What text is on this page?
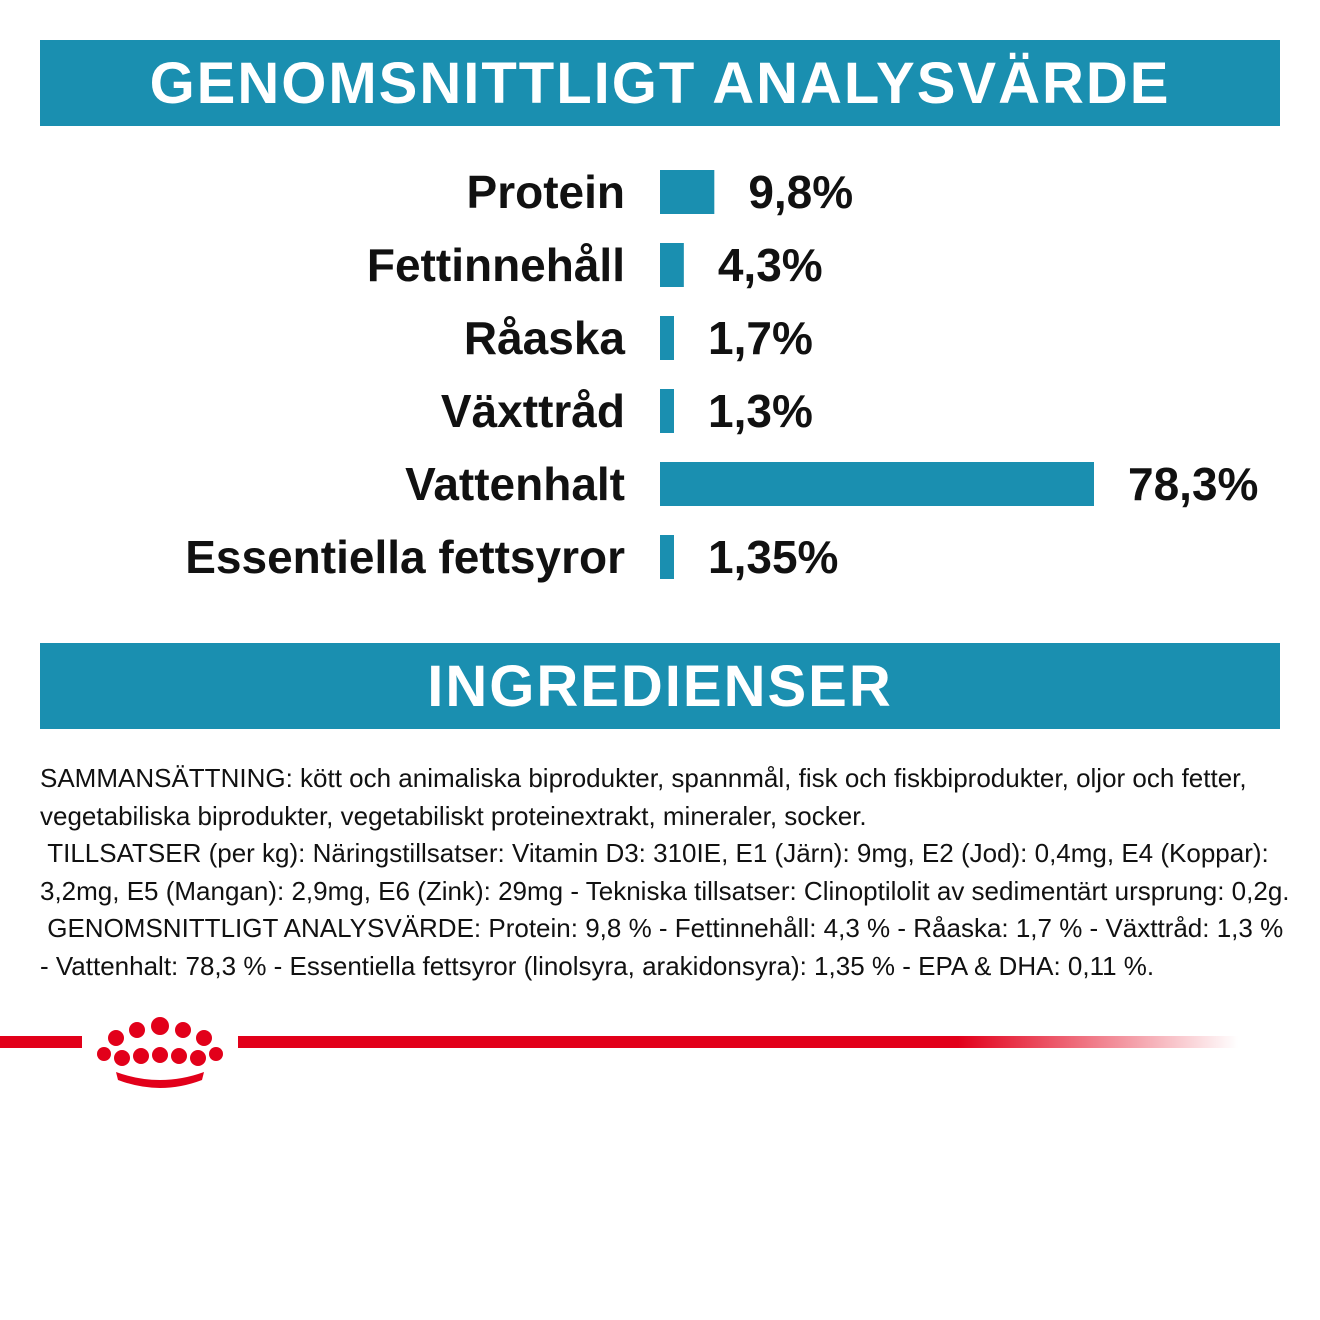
GENOMSNITTLIGT ANALYSVÄRDE
Protein	9,8%
Fettinnehåll 4,3%
Råaska 1,7%
Växttråd 1,3%
Vattenhalt	78,3%
Essentiella fettsyror 1,35%
INGREDIENSER

SAMMANSÄTTNING: kött och animaliska biprodukter, spannmål, fisk och fiskbiprodukter, oljor och fetter, vegetabiliska biprodukter, vegetabiliskt proteinextrakt, mineraler, socker.

TILLSATSER (per kg): Näringstillsatser: Vitamin D3: 310IE, E1 (Järn): 9mg, E2 (Jod): 0,4mg, E4 (Koppar): 3,2mg, E5 (Mangan): 2,9mg, E6 (Zink): 29mg - Tekniska tillsatser: Clinoptilolit av sedimentärt ursprung: 0,2g.

GENOMSNITTLIGT ANALYSVÄRDE: Protein: 9,8 % - Fettinnehåll: 4,3 % - Råaska: 1,7 % - Växttråd: 1,3 % - Vattenhalt: 78,3 % - Essentiella fettsyror (linolsyra, arakidonsyra): 1,35 % - EPA & DHA: 0,11 %.
